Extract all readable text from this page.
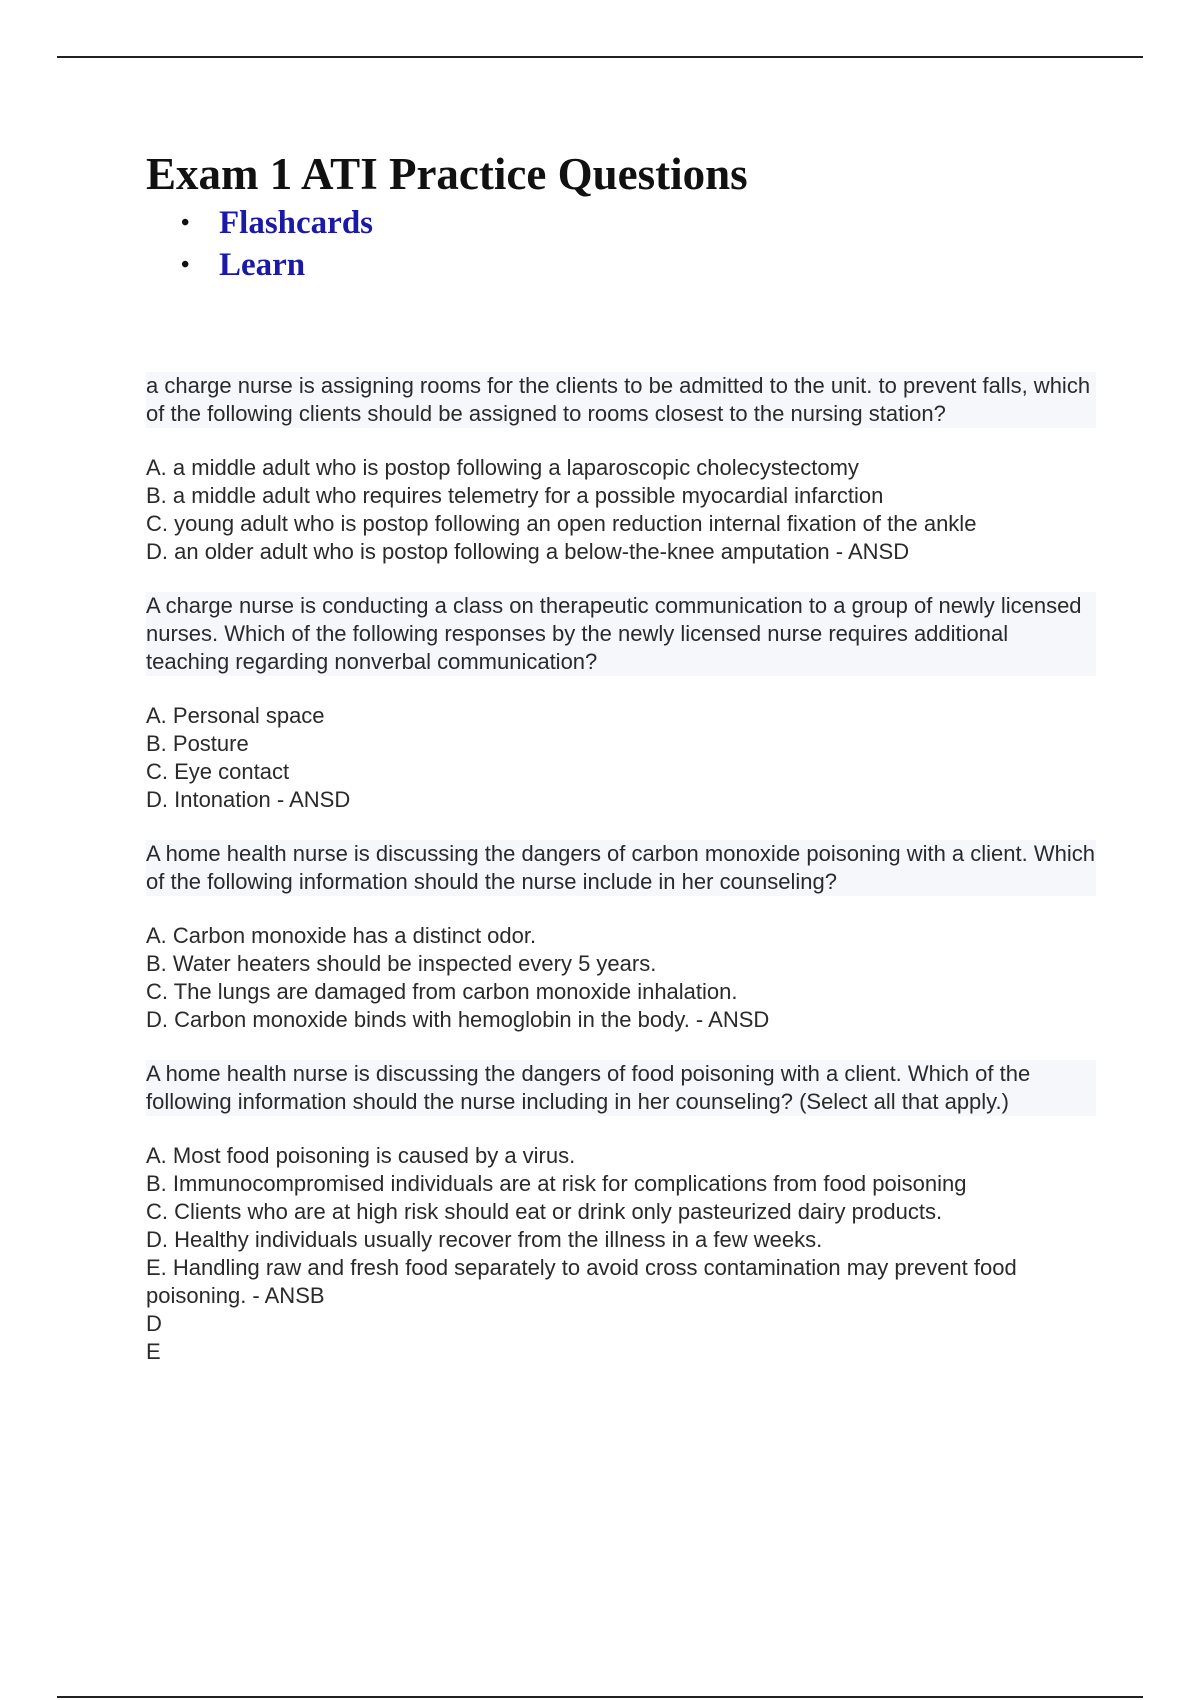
Exam 1 ATI Practice Questions
• Flashcards
• Learn
a charge nurse is assigning rooms for the clients to be admitted to the unit. to prevent falls, which of the following clients should be assigned to rooms closest to the nursing station?
A. a middle adult who is postop following a laparoscopic cholecystectomy
B. a middle adult who requires telemetry for a possible myocardial infarction
C. young adult who is postop following an open reduction internal fixation of the ankle
D. an older adult who is postop following a below-the-knee amputation - ANSD
A charge nurse is conducting a class on therapeutic communication to a group of newly licensed nurses. Which of the following responses by the newly licensed nurse requires additional teaching regarding nonverbal communication?
A. Personal space
B. Posture
C. Eye contact
D. Intonation - ANSD
A home health nurse is discussing the dangers of carbon monoxide poisoning with a client. Which of the following information should the nurse include in her counseling?
A. Carbon monoxide has a distinct odor.
B. Water heaters should be inspected every 5 years.
C. The lungs are damaged from carbon monoxide inhalation.
D. Carbon monoxide binds with hemoglobin in the body. - ANSD
A home health nurse is discussing the dangers of food poisoning with a client. Which of the following information should the nurse including in her counseling? (Select all that apply.)
A. Most food poisoning is caused by a virus.
B. Immunocompromised individuals are at risk for complications from food poisoning
C. Clients who are at high risk should eat or drink only pasteurized dairy products.
D. Healthy individuals usually recover from the illness in a few weeks.
E. Handling raw and fresh food separately to avoid cross contamination may prevent food poisoning. - ANSB
D
E
